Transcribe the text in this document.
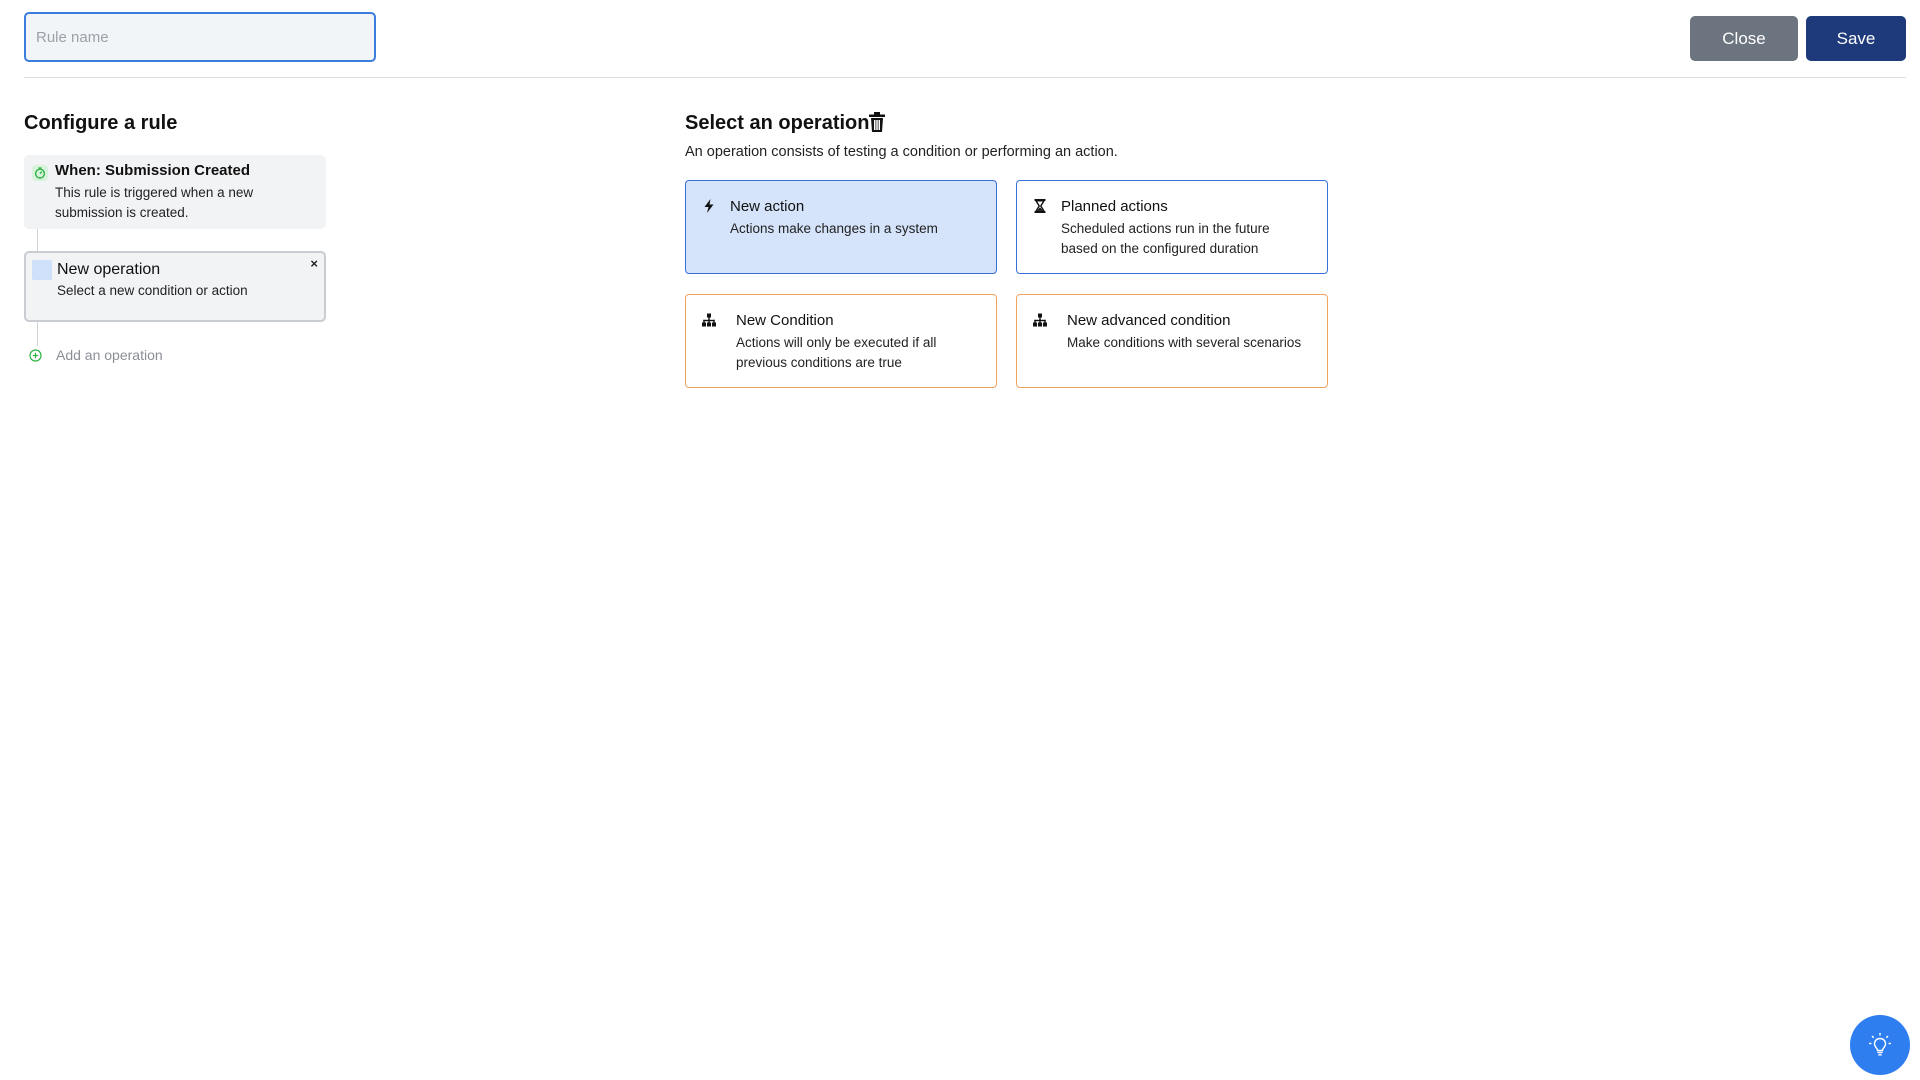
Rule name
Close	Save
Configure a rule
When: Submission Created
This rule is triggered when a new submission is created.
New operation
Select a new condition or action
×
Add an operation
Select an operation
An operation consists of testing a condition or performing an action.
New action
Actions make changes in a system
Planned actions
Scheduled actions run in the future based on the configured duration
New Condition
Actions will only be executed if all previous conditions are true
New advanced condition
Make conditions with several scenarios
